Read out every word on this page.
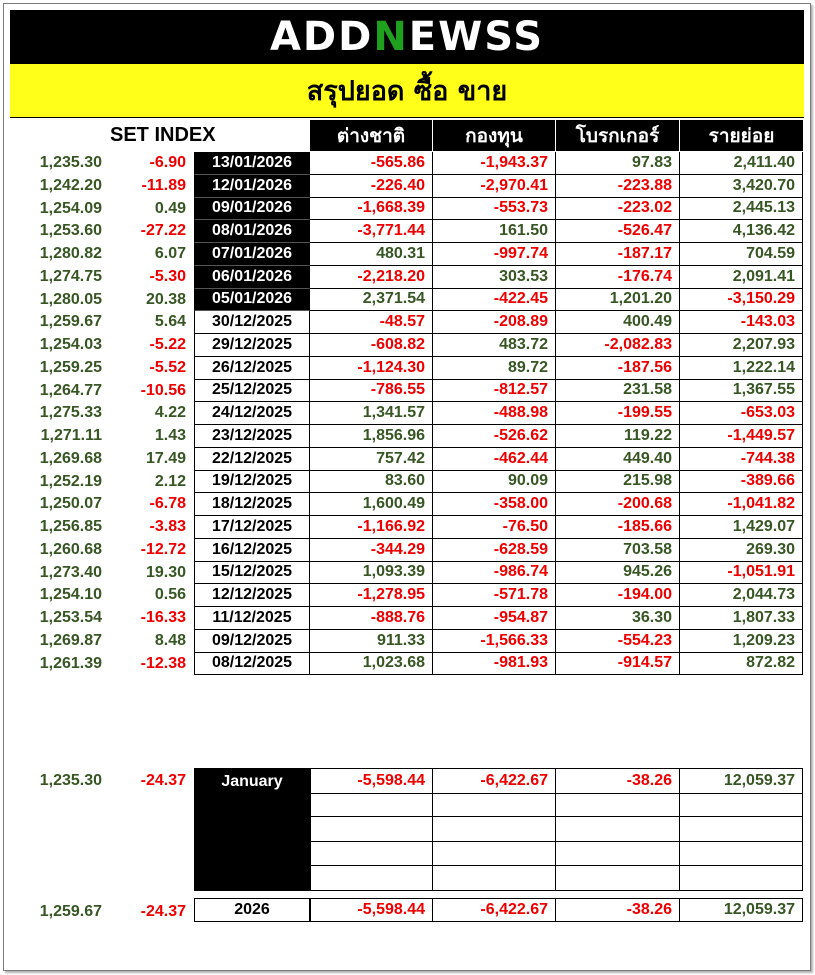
ADDNEWSS
สรุปยอด ซื้อ ขาย
SET INDEX	ต่างชาติ	กองทุน	โบรกเกอร์	รายย่อย
1,235.30	-6.90	13/01/2026	-565.86	-1,943.37	97.83	2,411.40
1,242.20	-11.89	12/01/2026	-226.40	-2,970.41	-223.88	3,420.70
1,254.09	0.49	09/01/2026	-1,668.39	-553.73	-223.02	2,445.13
1,253.60	-27.22	08/01/2026	-3,771.44	161.50	-526.47	4,136.42
1,280.82	6.07	07/01/2026	480.31	-997.74	-187.17	704.59
1,274.75	-5.30	06/01/2026	-2,218.20	303.53	-176.74	2,091.41
1,280.05	20.38	05/01/2026	2,371.54	-422.45	1,201.20	-3,150.29
1,259.67	5.64	30/12/2025	-48.57	-208.89	400.49	-143.03
1,254.03	-5.22	29/12/2025	-608.82	483.72	-2,082.83	2,207.93
1,259.25	-5.52	26/12/2025	-1,124.30	89.72	-187.56	1,222.14
1,264.77	-10.56	25/12/2025	-786.55	-812.57	231.58	1,367.55
1,275.33	4.22	24/12/2025	1,341.57	-488.98	-199.55	-653.03
1,271.11	1.43	23/12/2025	1,856.96	-526.62	119.22	-1,449.57
1,269.68	17.49	22/12/2025	757.42	-462.44	449.40	-744.38
1,252.19	2.12	19/12/2025	83.60	90.09	215.98	-389.66
1,250.07	-6.78	18/12/2025	1,600.49	-358.00	-200.68	-1,041.82
1,256.85	-3.83	17/12/2025	-1,166.92	-76.50	-185.66	1,429.07
1,260.68	-12.72	16/12/2025	-344.29	-628.59	703.58	269.30
1,273.40	19.30	15/12/2025	1,093.39	-986.74	945.26	-1,051.91
1,254.10	0.56	12/12/2025	-1,278.95	-571.78	-194.00	2,044.73
1,253.54	-16.33	11/12/2025	-888.76	-954.87	36.30	1,807.33
1,269.87	8.48	09/12/2025	911.33	-1,566.33	-554.23	1,209.23
1,261.39	-12.38	08/12/2025	1,023.68	-981.93	-914.57	872.82
1,235.30	-24.37	January	-5,598.44	-6,422.67	-38.26	12,059.37
1,259.67	-24.37	2026	-5,598.44	-6,422.67	-38.26	12,059.37
